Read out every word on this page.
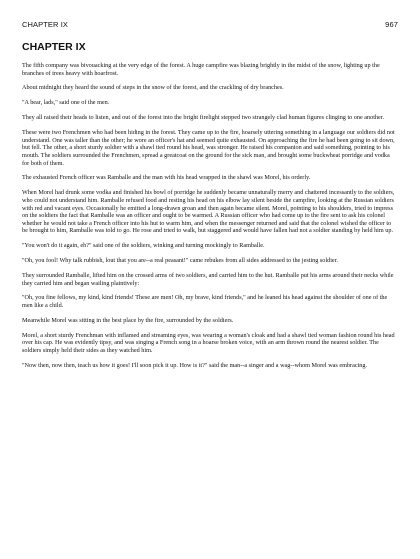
CHAPTER IX	967
CHAPTER IX

The fifth company was bivouacking at the very edge of the forest. A huge campfire was blazing brightly in the midst of the snow, lighting up the branches of trees heavy with hoarfrost.

About midnight they heard the sound of steps in the snow of the forest, and the crackling of dry branches.

"A bear, lads," said one of the men.

They all raised their heads to listen, and out of the forest into the bright firelight stepped two strangely clad human figures clinging to one another.

These were two Frenchmen who had been hiding in the forest. They came up to the fire, hoarsely uttering something in a language our soldiers did not understand. One was taller than the other; he wore an officer's hat and seemed quite exhausted. On approaching the fire he had been going to sit down, but fell. The other, a short sturdy soldier with a shawl tied round his head, was stronger. He raised his companion and said something, pointing to his mouth. The soldiers surrounded the Frenchmen, spread a greatcoat on the ground for the sick man, and brought some buckwheat porridge and vodka for both of them.

The exhausted French officer was Ramballe and the man with his head wrapped in the shawl was Morel, his orderly.

When Morel had drunk some vodka and finished his bowl of porridge he suddenly became unnaturally merry and chattered incessantly to the soldiers, who could not understand him. Ramballe refused food and resting his head on his elbow lay silent beside the campfire, looking at the Russian soldiers with red and vacant eyes. Occasionally he emitted a long-drawn groan and then again became silent. Morel, pointing to his shoulders, tried to impress on the soldiers the fact that Ramballe was an officer and ought to be warmed. A Russian officer who had come up to the fire sent to ask his colonel whether he would not take a French officer into his hut to warm him, and when the messenger returned and said that the colonel wished the officer to be brought to him, Ramballe was told to go. He rose and tried to walk, but staggered and would have fallen had not a soldier standing by held him up.

"You won't do it again, eh?" said one of the soldiers, winking and turning mockingly to Ramballe.

"Oh, you fool! Why talk rubbish, lout that you are--a real peasant!" came rebukes from all sides addressed to the jesting soldier.

They surrounded Ramballe, lifted him on the crossed arms of two soldiers, and carried him to the hut. Ramballe put his arms around their necks while they carried him and began wailing plaintively:

"Oh, you fine fellows, my kind, kind friends! These are men! Oh, my brave, kind friends," and he leaned his head against the shoulder of one of the men like a child.

Meanwhile Morel was sitting in the best place by the fire, surrounded by the soldiers.

Morel, a short sturdy Frenchman with inflamed and streaming eyes, was wearing a woman's cloak and had a shawl tied woman fashion round his head over his cap. He was evidently tipsy, and was singing a French song in a hoarse broken voice, with an arm thrown round the nearest soldier. The soldiers simply held their sides as they watched him.

"Now then, now then, teach us how it goes! I'll soon pick it up. How is it?" said the man--a singer and a wag--whom Morel was embracing.
